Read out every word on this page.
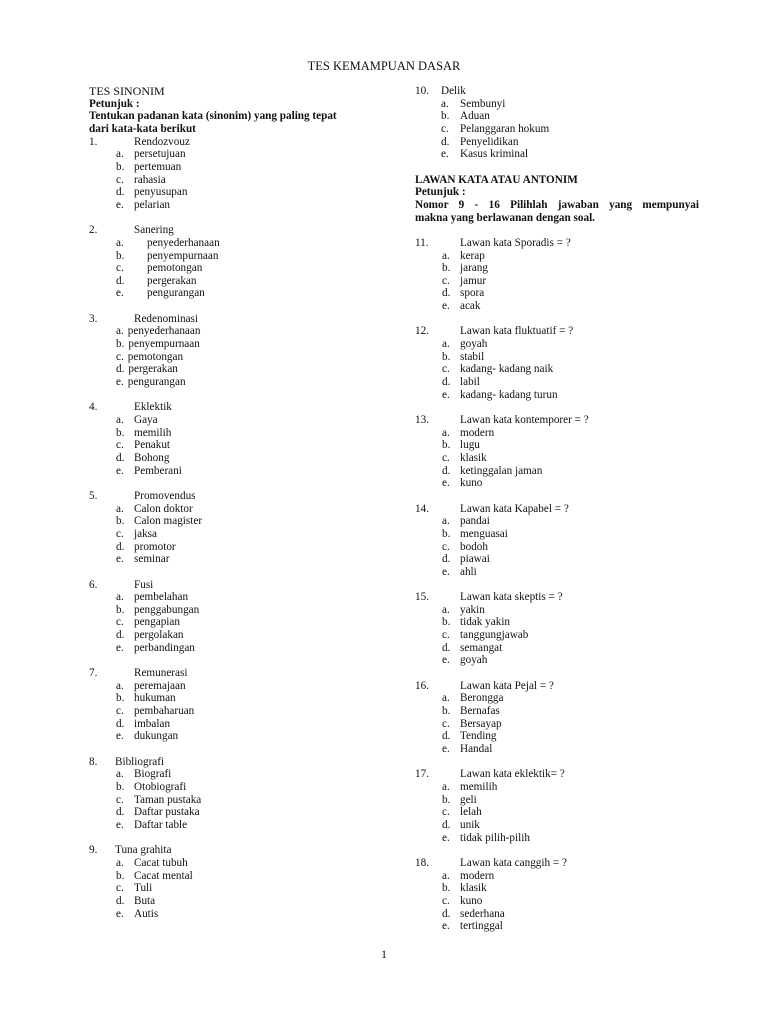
TES KEMAMPUAN DASAR
TES SINONIM
Petunjuk :
Tentukan padanan kata (sinonim) yang paling tepat
dari kata-kata berikut
1.	Rendozvouz
a. persetujuan
b. pertemuan
c. rahasia
d. penyusupan
e. pelarian
2.	Sanering
a. penyederhanaan
b. penyempurnaan
c. pemotongan
d. pergerakan
e. pengurangan
3.	Redenominasi
a. penyederhanaan
b. penyempurnaan
c. pemotongan
d. pergerakan
e. pengurangan
4.	Eklektik
a. Gaya
b. memilih
c. Penakut
d. Bohong
e. Pemberani
5.	Promovendus
a. Calon doktor
b. Calon magister
c. jaksa
d. promotor
e. seminar
6.	Fusi
a. pembelahan
b. penggabungan
c. pengapian
d. pergolakan
e. perbandingan
7.	Remunerasi
a. peremajaan
b. hukuman
c. pembaharuan
d. imbalan
e. dukungan
8. Bibliografi
a. Biografi
b. Otobiografi
c. Taman pustaka
d. Daftar pustaka
e. Daftar table
9. Tuna grahita
a. Cacat tubuh
b. Cacat mental
c. Tuli
d. Buta
e. Autis
10. Delik
a. Sembunyi
b. Aduan
c. Pelanggaran hokum
d. Penyelidikan
e. Kasus kriminal
LAWAN KATA ATAU ANTONIM
Petunjuk :
Nomor 9 - 16 Pilihlah jawaban yang mempunyai
makna yang berlawanan dengan soal.
11.	Lawan kata Sporadis = ?
a. kerap
b. jarang
c. jamur
d. spora
e. acak
12.	Lawan kata fluktuatif = ?
a. goyah
b. stabil
c. kadang- kadang naik
d. labil
e. kadang- kadang turun
13.	Lawan kata kontemporer = ?
a. modern
b. lugu
c. klasik
d. ketinggalan jaman
e. kuno
14.	Lawan kata Kapabel = ?
a. pandai
b. menguasai
c. bodoh
d. piawai
e. ahli
15.	Lawan kata skeptis = ?
a. yakin
b. tidak yakin
c. tanggungjawab
d. semangat
e. goyah
16.	Lawan kata Pejal = ?
a. Berongga
b. Bernafas
c. Bersayap
d. Tending
e. Handal
17.	Lawan kata eklektik= ?
a. memilih
b. geli
c. lelah
d. unik
e. tidak pilih-pilih
18.	Lawan kata canggih = ?
a. modern
b. klasik
c. kuno
d. sederhana
e. tertinggal
1
